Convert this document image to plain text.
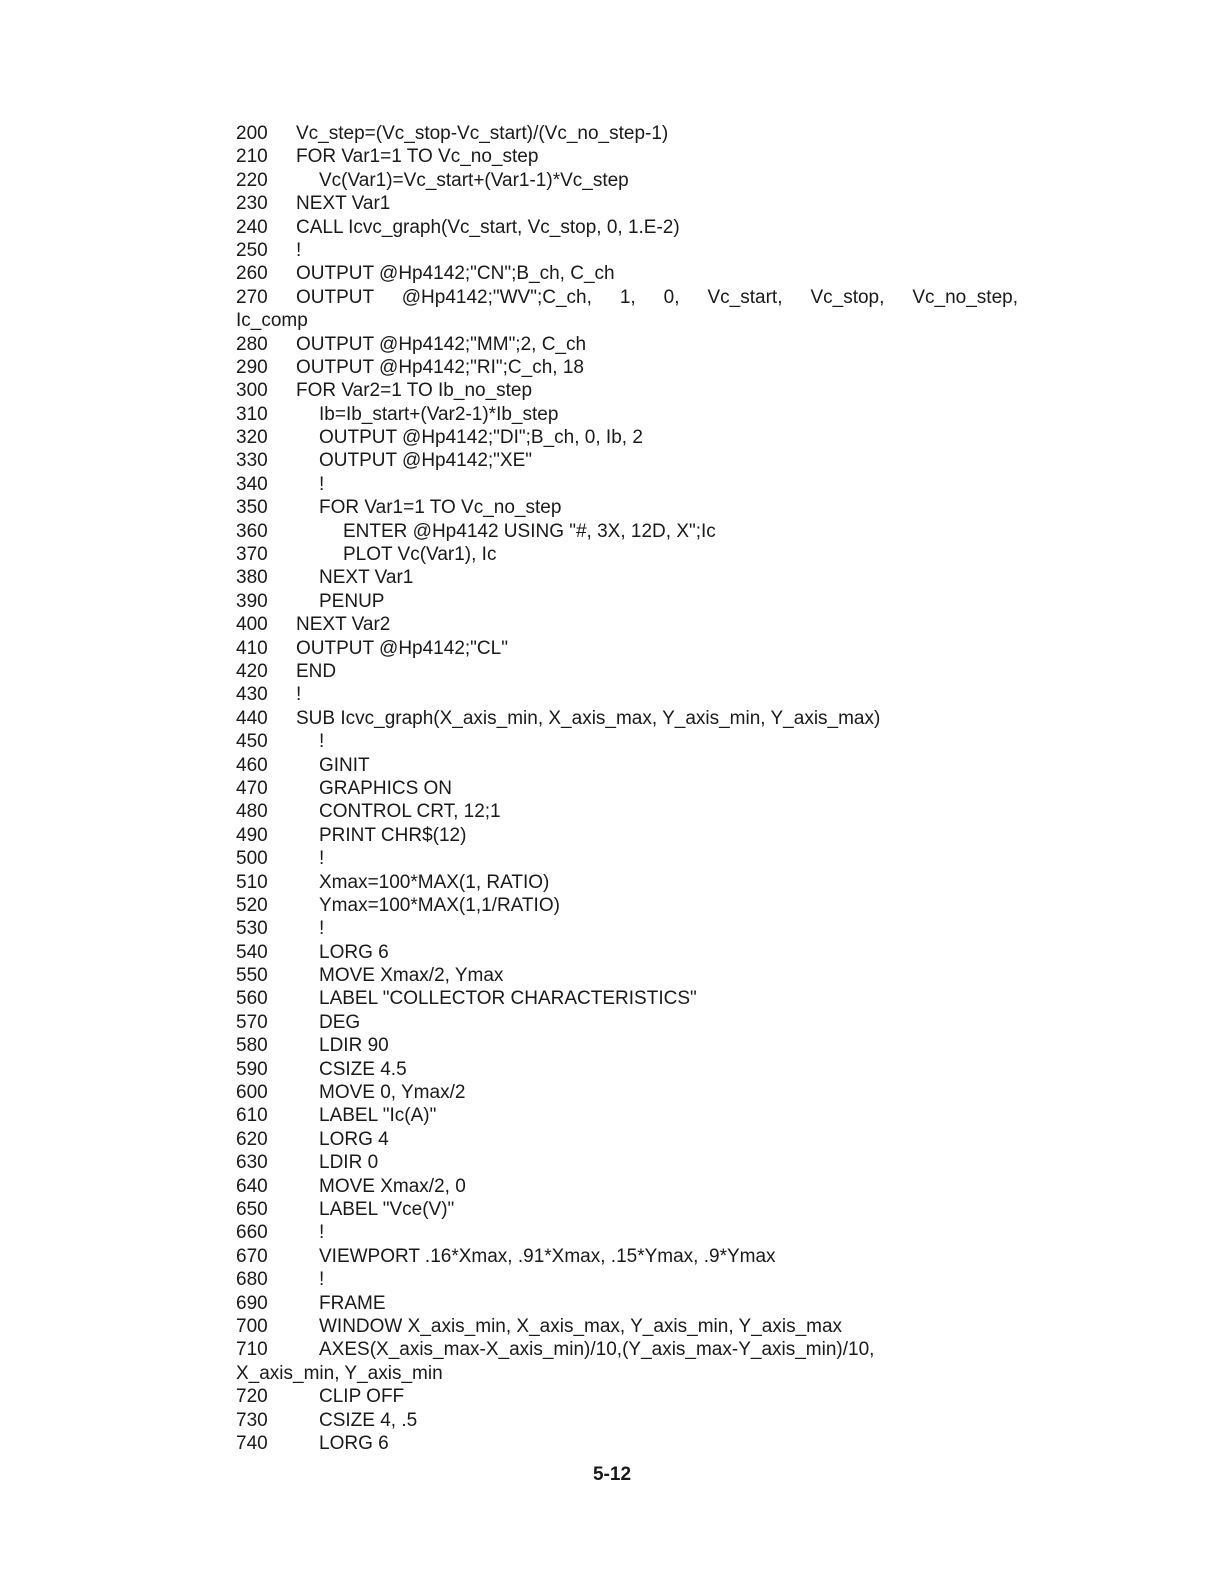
200 Vc_step=(Vc_stop-Vc_start)/(Vc_no_step-1)
210 FOR Var1=1 TO Vc_no_step
220	Vc(Var1)=Vc_start+(Var1-1)*Vc_step
230 NEXT Var1
240 CALL Icvc_graph(Vc_start, Vc_stop, 0, 1.E-2)
250 !
260 OUTPUT @Hp4142;"CN";B_ch, C_ch
270 OUTPUT @Hp4142;"WV";C_ch, 1, 0, Vc_start, Vc_stop, Vc_no_step,
Ic_comp
280 OUTPUT @Hp4142;"MM";2, C_ch
290 OUTPUT @Hp4142;"RI";C_ch, 18
300 FOR Var2=1 TO Ib_no_step
310	Ib=Ib_start+(Var2-1)*Ib_step
320	OUTPUT @Hp4142;"DI";B_ch, 0, Ib, 2
330	OUTPUT @Hp4142;"XE"
340	!
350	FOR Var1=1 TO Vc_no_step
360	ENTER @Hp4142 USING "#, 3X, 12D, X";Ic
370	PLOT Vc(Var1), Ic
380	NEXT Var1
390	PENUP
400 NEXT Var2
410 OUTPUT @Hp4142;"CL"
420 END
430 !
440 SUB Icvc_graph(X_axis_min, X_axis_max, Y_axis_min, Y_axis_max)
450	!
460	GINIT
470	GRAPHICS ON
480	CONTROL CRT, 12;1
490	PRINT CHR$(12)
500	!
510	Xmax=100*MAX(1, RATIO)
520	Ymax=100*MAX(1,1/RATIO)
530	!
540	LORG 6
550	MOVE Xmax/2, Ymax
560	LABEL "COLLECTOR CHARACTERISTICS"
570	DEG
580	LDIR 90
590	CSIZE 4.5
600	MOVE 0, Ymax/2
610	LABEL "Ic(A)"
620	LORG 4
630	LDIR 0
640	MOVE Xmax/2, 0
650	LABEL "Vce(V)"
660	!
670	VIEWPORT .16*Xmax, .91*Xmax, .15*Ymax, .9*Ymax
680	!
690	FRAME
700	WINDOW X_axis_min, X_axis_max, Y_axis_min, Y_axis_max
710	AXES(X_axis_max-X_axis_min)/10,(Y_axis_max-Y_axis_min)/10,
X_axis_min, Y_axis_min
720	CLIP OFF
730	CSIZE 4, .5
740	LORG 6
5-12
